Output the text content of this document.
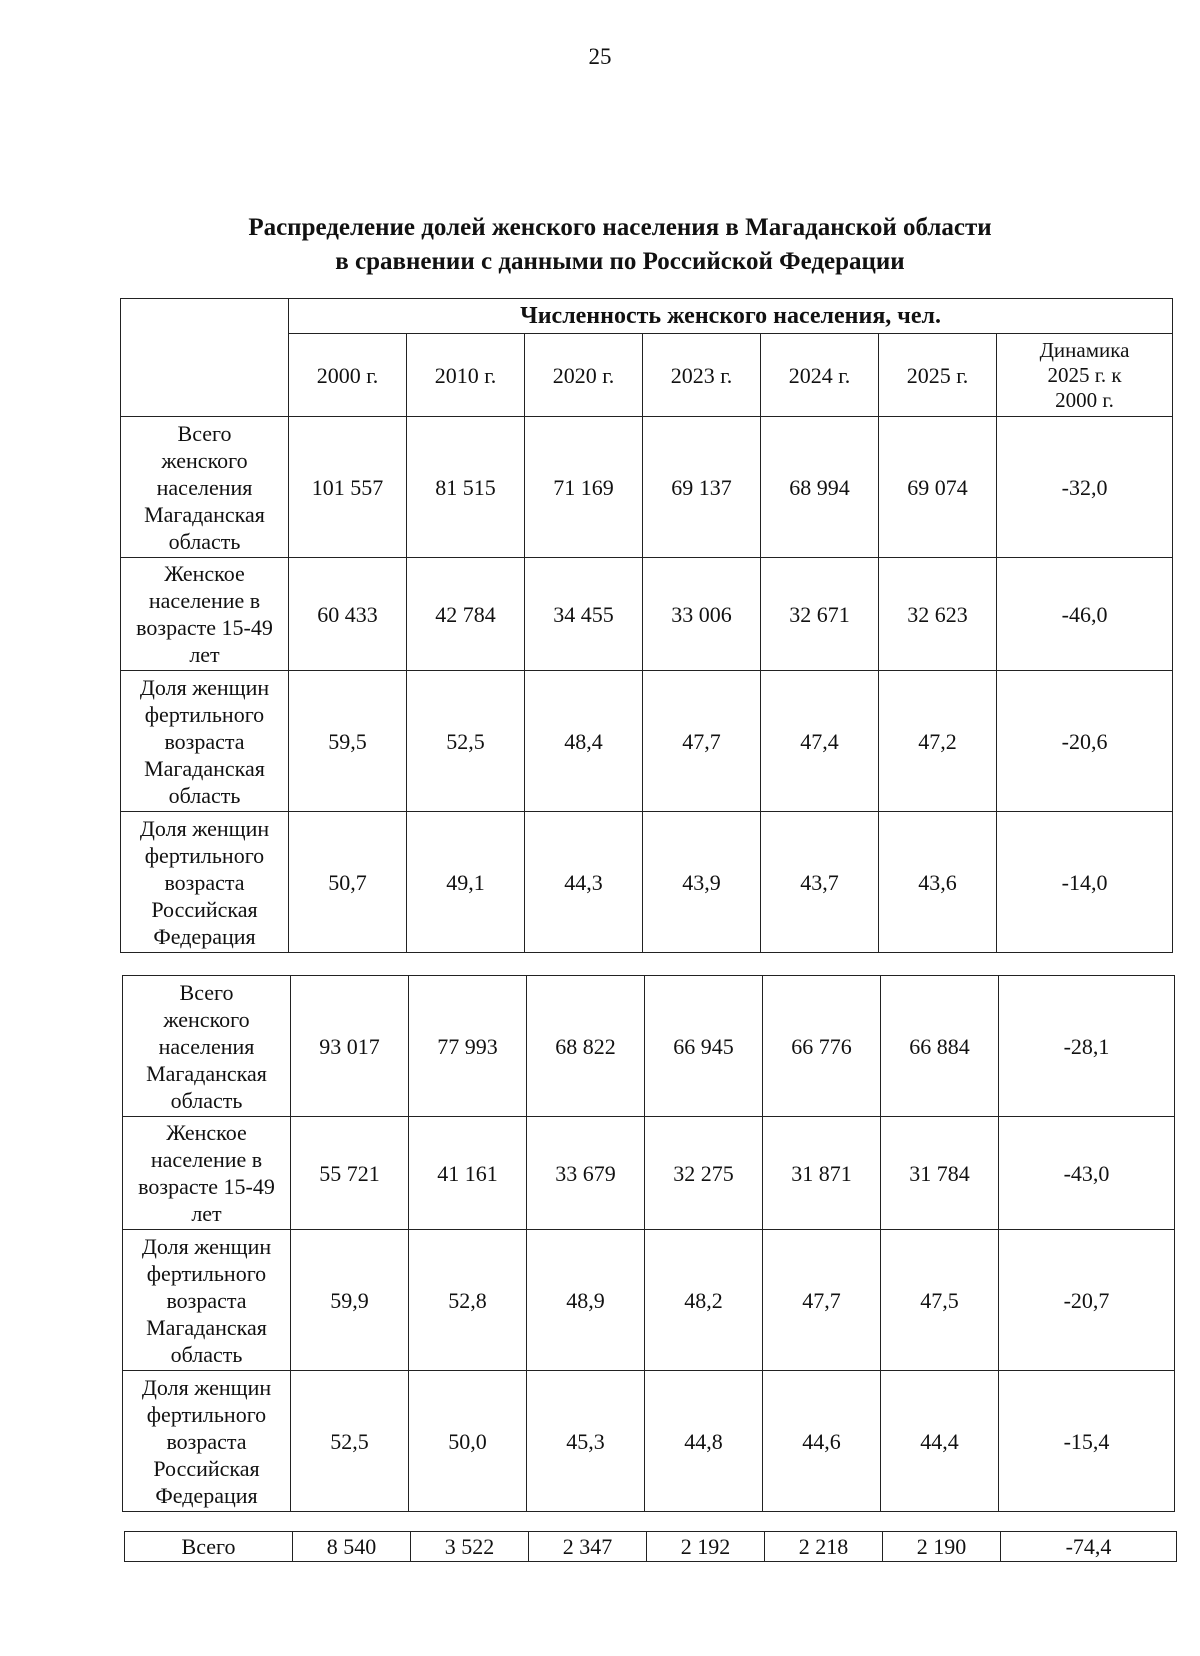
25
Распределение долей женского населения в Магаданской области
в сравнении с данными по Российской Федерации
	Численность женского населения, чел.						
	2000 г.	2010 г.	2020 г.	2023 г.	2024 г.	2025 г.	Динамика
2025 г. к
2000 г.
Всего
женского
населения
Магаданская
область	101 557	81 515	71 169	69 137	68 994	69 074	-32,0
Женское
население в
возрасте 15-49
лет	60 433	42 784	34 455	33 006	32 671	32 623	-46,0
Доля женщин
фертильного
возраста
Магаданская
область	59,5	52,5	48,4	47,7	47,4	47,2	-20,6
Доля женщин
фертильного
возраста
Российская
Федерация	50,7	49,1	44,3	43,9	43,7	43,6	-14,0
Всего
женского
населения
Магаданская
область	93 017	77 993	68 822	66 945	66 776	66 884	-28,1
Женское
население в
возрасте 15-49
лет	55 721	41 161	33 679	32 275	31 871	31 784	-43,0
Доля женщин
фертильного
возраста
Магаданская
область	59,9	52,8	48,9	48,2	47,7	47,5	-20,7
Доля женщин
фертильного
возраста
Российская
Федерация	52,5	50,0	45,3	44,8	44,6	44,4	-15,4
Всего	8 540	3 522	2 347	2 192	2 218	2 190	-74,4
